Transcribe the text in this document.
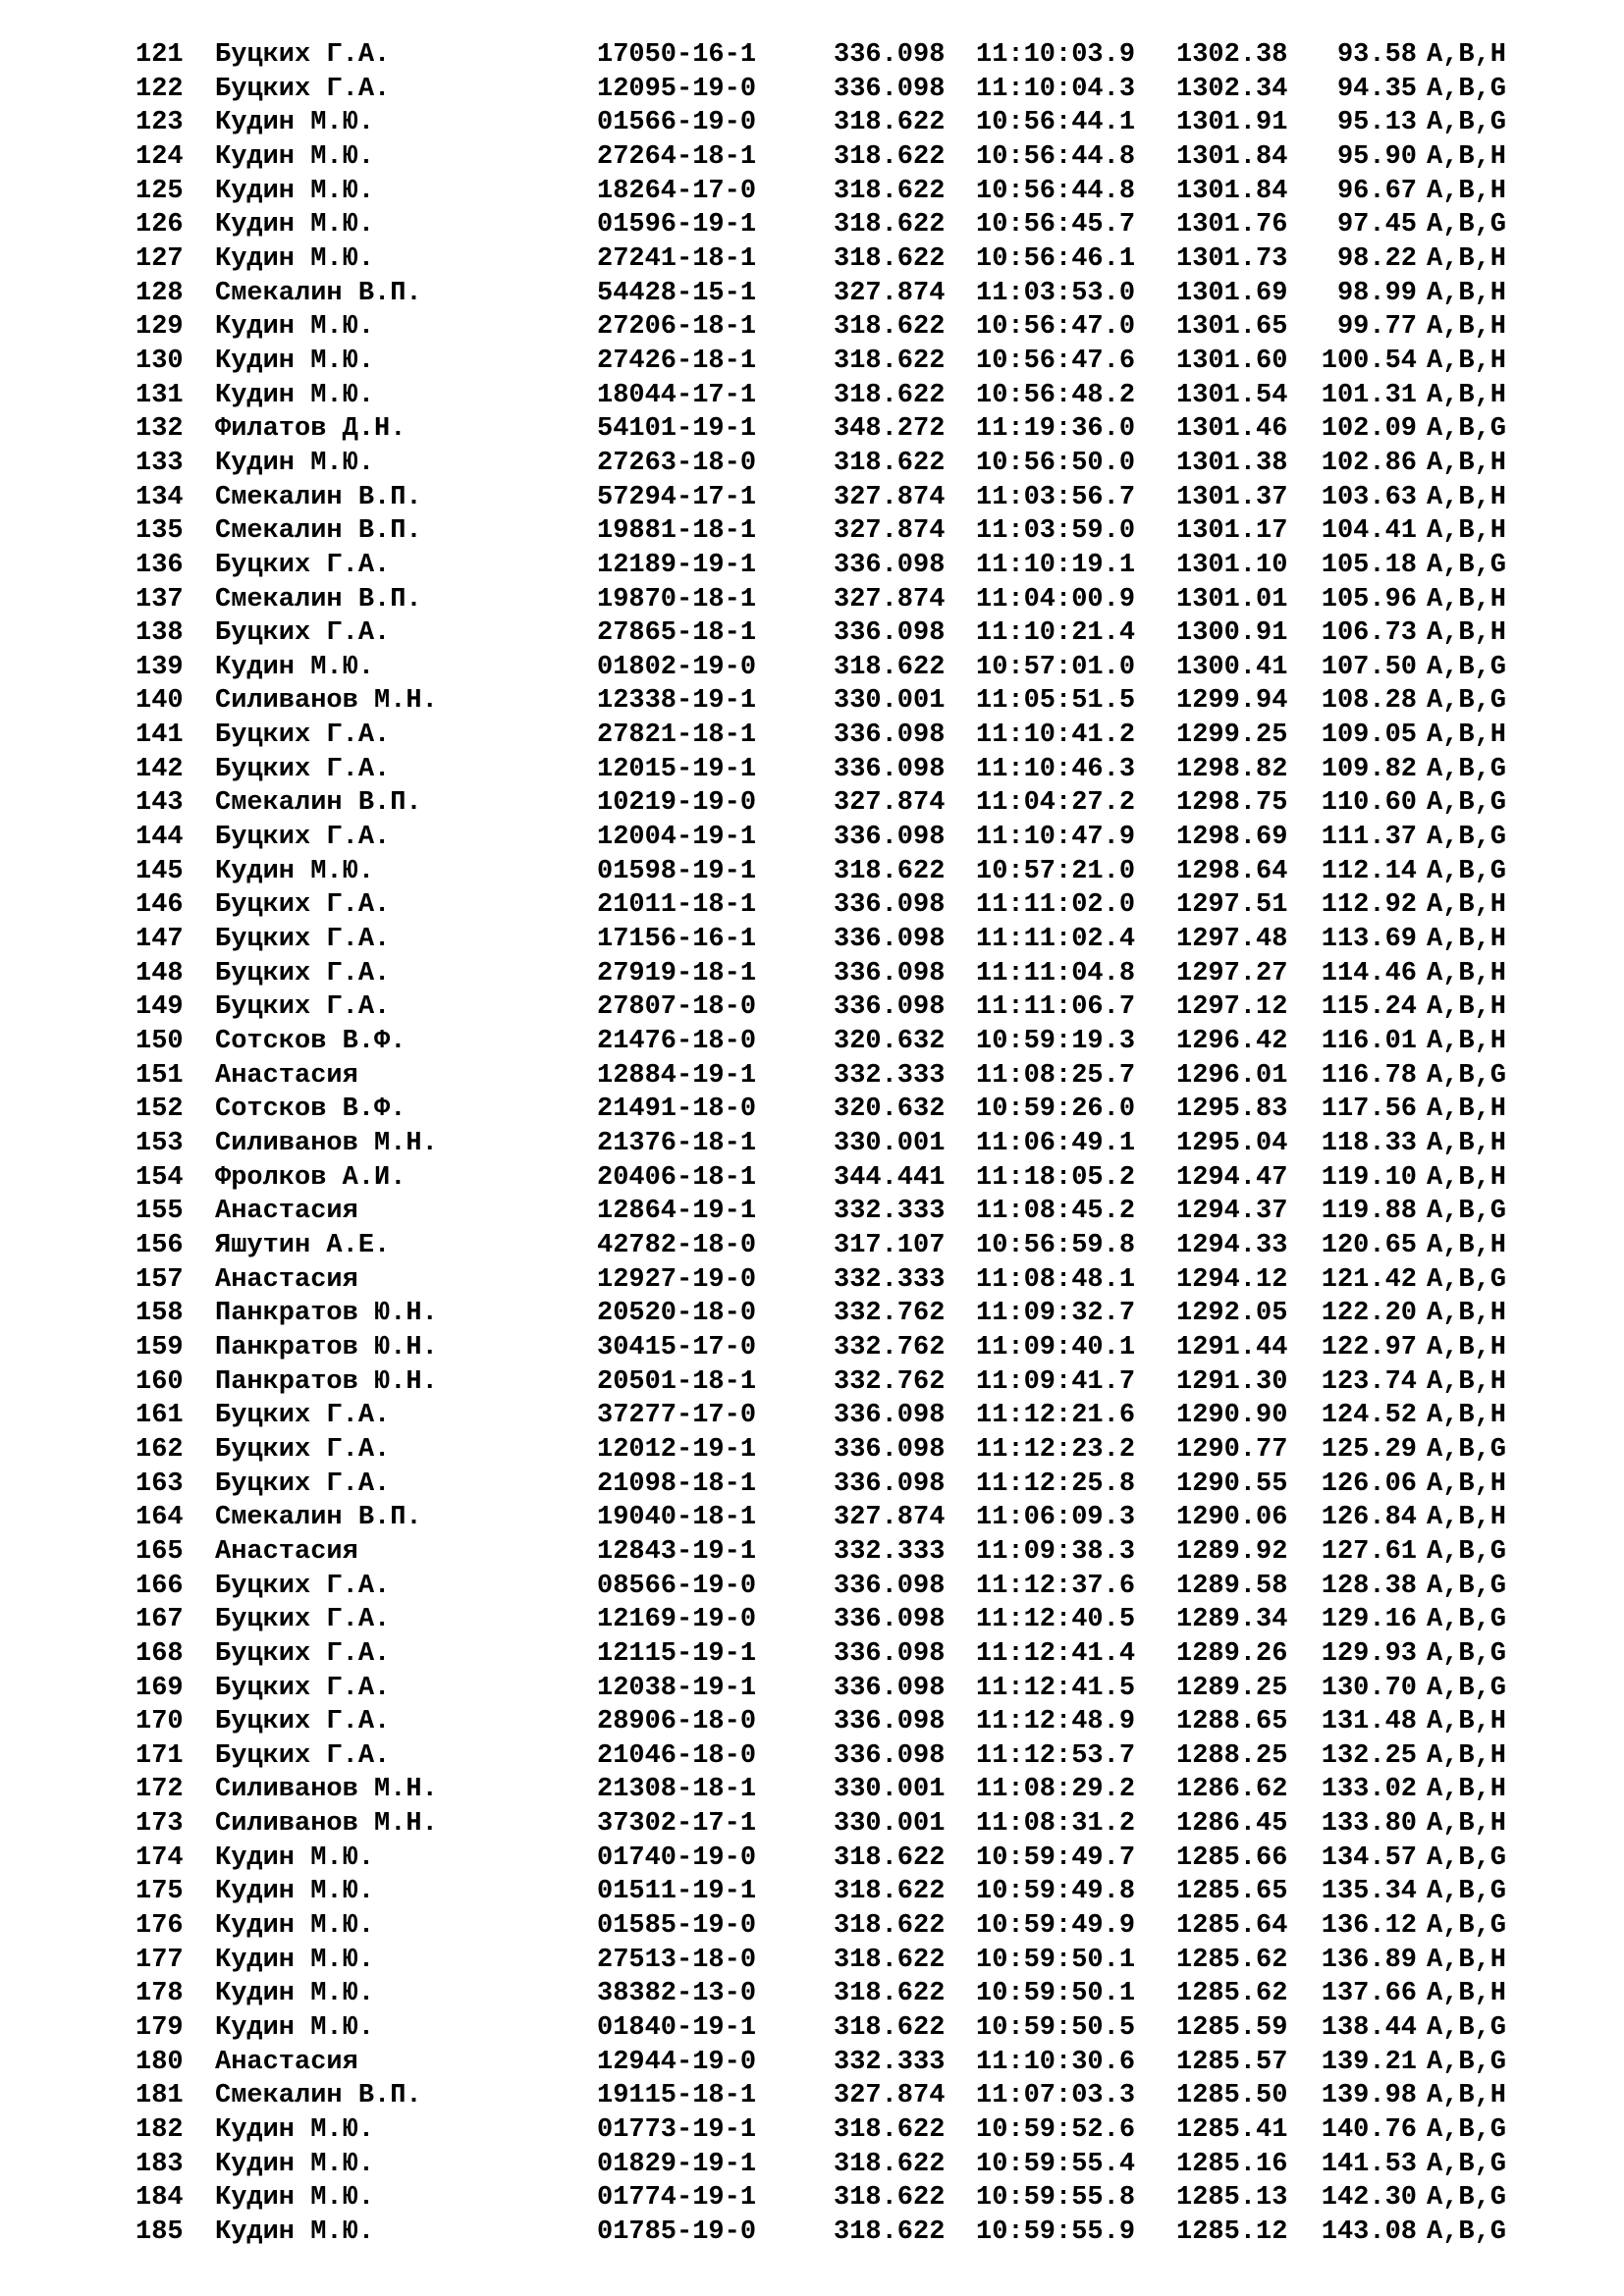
121 Буцких Г.А.	17050-16-1	336.098 11:10:03.9 1302.38	93.58 A,B,H
122 Буцких Г.А.	12095-19-0	336.098 11:10:04.3 1302.34	94.35 A,B,G
123 Кудин М.Ю.	01566-19-0	318.622 10:56:44.1 1301.91	95.13 A,B,G
124 Кудин М.Ю.	27264-18-1	318.622 10:56:44.8 1301.84	95.90 A,B,H
125 Кудин М.Ю.	18264-17-0	318.622 10:56:44.8 1301.84	96.67 A,B,H
126 Кудин М.Ю.	01596-19-1	318.622 10:56:45.7 1301.76	97.45 A,B,G
127 Кудин М.Ю.	27241-18-1	318.622 10:56:46.1 1301.73	98.22 A,B,H
128 Смекалин В.П.	54428-15-1	327.874 11:03:53.0 1301.69	98.99 A,B,H
129 Кудин М.Ю.	27206-18-1	318.622 10:56:47.0 1301.65	99.77 A,B,H
130 Кудин М.Ю.	27426-18-1	318.622 10:56:47.6 1301.60	100.54 A,B,H
131 Кудин М.Ю.	18044-17-1	318.622 10:56:48.2 1301.54	101.31 A,B,H
132 Филатов Д.Н.	54101-19-1	348.272 11:19:36.0 1301.46	102.09 A,B,G
133 Кудин М.Ю.	27263-18-0	318.622 10:56:50.0 1301.38	102.86 A,B,H
134 Смекалин В.П.	57294-17-1	327.874 11:03:56.7 1301.37	103.63 A,B,H
135 Смекалин В.П.	19881-18-1	327.874 11:03:59.0 1301.17	104.41 A,B,H
136 Буцких Г.А.	12189-19-1	336.098 11:10:19.1 1301.10	105.18 A,B,G
137 Смекалин В.П.	19870-18-1	327.874 11:04:00.9 1301.01	105.96 A,B,H
138 Буцких Г.А.	27865-18-1	336.098 11:10:21.4 1300.91	106.73 A,B,H
139 Кудин М.Ю.	01802-19-0	318.622 10:57:01.0 1300.41	107.50 A,B,G
140 Силиванов М.Н.	12338-19-1	330.001 11:05:51.5 1299.94	108.28 A,B,G
141 Буцких Г.А.	27821-18-1	336.098 11:10:41.2 1299.25	109.05 A,B,H
142 Буцких Г.А.	12015-19-1	336.098 11:10:46.3 1298.82	109.82 A,B,G
143 Смекалин В.П.	10219-19-0	327.874 11:04:27.2 1298.75	110.60 A,B,G
144 Буцких Г.А.	12004-19-1	336.098 11:10:47.9 1298.69	111.37 A,B,G
145 Кудин М.Ю.	01598-19-1	318.622 10:57:21.0 1298.64	112.14 A,B,G
146 Буцких Г.А.	21011-18-1	336.098 11:11:02.0 1297.51	112.92 A,B,H
147 Буцких Г.А.	17156-16-1	336.098 11:11:02.4 1297.48	113.69 A,B,H
148 Буцких Г.А.	27919-18-1	336.098 11:11:04.8 1297.27	114.46 A,B,H
149 Буцких Г.А.	27807-18-0	336.098 11:11:06.7 1297.12	115.24 A,B,H
150 Сотсков В.Ф.	21476-18-0	320.632 10:59:19.3 1296.42	116.01 A,B,H
151 Анастасия	12884-19-1	332.333 11:08:25.7 1296.01	116.78 A,B,G
152 Сотсков В.Ф.	21491-18-0	320.632 10:59:26.0 1295.83	117.56 A,B,H
153 Силиванов М.Н.	21376-18-1	330.001 11:06:49.1 1295.04	118.33 A,B,H
154 Фролков А.И.	20406-18-1	344.441 11:18:05.2 1294.47	119.10 A,B,H
155 Анастасия	12864-19-1	332.333 11:08:45.2 1294.37	119.88 A,B,G
156 Яшутин А.Е.	42782-18-0	317.107 10:56:59.8 1294.33	120.65 A,B,H
157 Анастасия	12927-19-0	332.333 11:08:48.1 1294.12	121.42 A,B,G
158 Панкратов Ю.Н.	20520-18-0	332.762 11:09:32.7 1292.05	122.20 A,B,H
159 Панкратов Ю.Н.	30415-17-0	332.762 11:09:40.1 1291.44	122.97 A,B,H
160 Панкратов Ю.Н.	20501-18-1	332.762 11:09:41.7 1291.30	123.74 A,B,H
161 Буцких Г.А.	37277-17-0	336.098 11:12:21.6 1290.90	124.52 A,B,H
162 Буцких Г.А.	12012-19-1	336.098 11:12:23.2 1290.77	125.29 A,B,G
163 Буцких Г.А.	21098-18-1	336.098 11:12:25.8 1290.55	126.06 A,B,H
164 Смекалин В.П.	19040-18-1	327.874 11:06:09.3 1290.06	126.84 A,B,H
165 Анастасия	12843-19-1	332.333 11:09:38.3 1289.92	127.61 A,B,G
166 Буцких Г.А.	08566-19-0	336.098 11:12:37.6 1289.58	128.38 A,B,G
167 Буцких Г.А.	12169-19-0	336.098 11:12:40.5 1289.34	129.16 A,B,G
168 Буцких Г.А.	12115-19-1	336.098 11:12:41.4 1289.26	129.93 A,B,G
169 Буцких Г.А.	12038-19-1	336.098 11:12:41.5 1289.25	130.70 A,B,G
170 Буцких Г.А.	28906-18-0	336.098 11:12:48.9 1288.65	131.48 A,B,H
171 Буцких Г.А.	21046-18-0	336.098 11:12:53.7 1288.25	132.25 A,B,H
172 Силиванов М.Н.	21308-18-1	330.001 11:08:29.2 1286.62	133.02 A,B,H
173 Силиванов М.Н.	37302-17-1	330.001 11:08:31.2 1286.45	133.80 A,B,H
174 Кудин М.Ю.	01740-19-0	318.622 10:59:49.7 1285.66	134.57 A,B,G
175 Кудин М.Ю.	01511-19-1	318.622 10:59:49.8 1285.65	135.34 A,B,G
176 Кудин М.Ю.	01585-19-0	318.622 10:59:49.9 1285.64	136.12 A,B,G
177 Кудин М.Ю.	27513-18-0	318.622 10:59:50.1 1285.62	136.89 A,B,H
178 Кудин М.Ю.	38382-13-0	318.622 10:59:50.1 1285.62	137.66 A,B,H
179 Кудин М.Ю.	01840-19-1	318.622 10:59:50.5 1285.59	138.44 A,B,G
180 Анастасия	12944-19-0	332.333 11:10:30.6 1285.57	139.21 A,B,G
181 Смекалин В.П.	19115-18-1	327.874 11:07:03.3 1285.50	139.98 A,B,H
182 Кудин М.Ю.	01773-19-1	318.622 10:59:52.6 1285.41	140.76 A,B,G
183 Кудин М.Ю.	01829-19-1	318.622 10:59:55.4 1285.16	141.53 A,B,G
184 Кудин М.Ю.	01774-19-1	318.622 10:59:55.8 1285.13	142.30 A,B,G
185 Кудин М.Ю.	01785-19-0	318.622 10:59:55.9 1285.12	143.08 A,B,G
